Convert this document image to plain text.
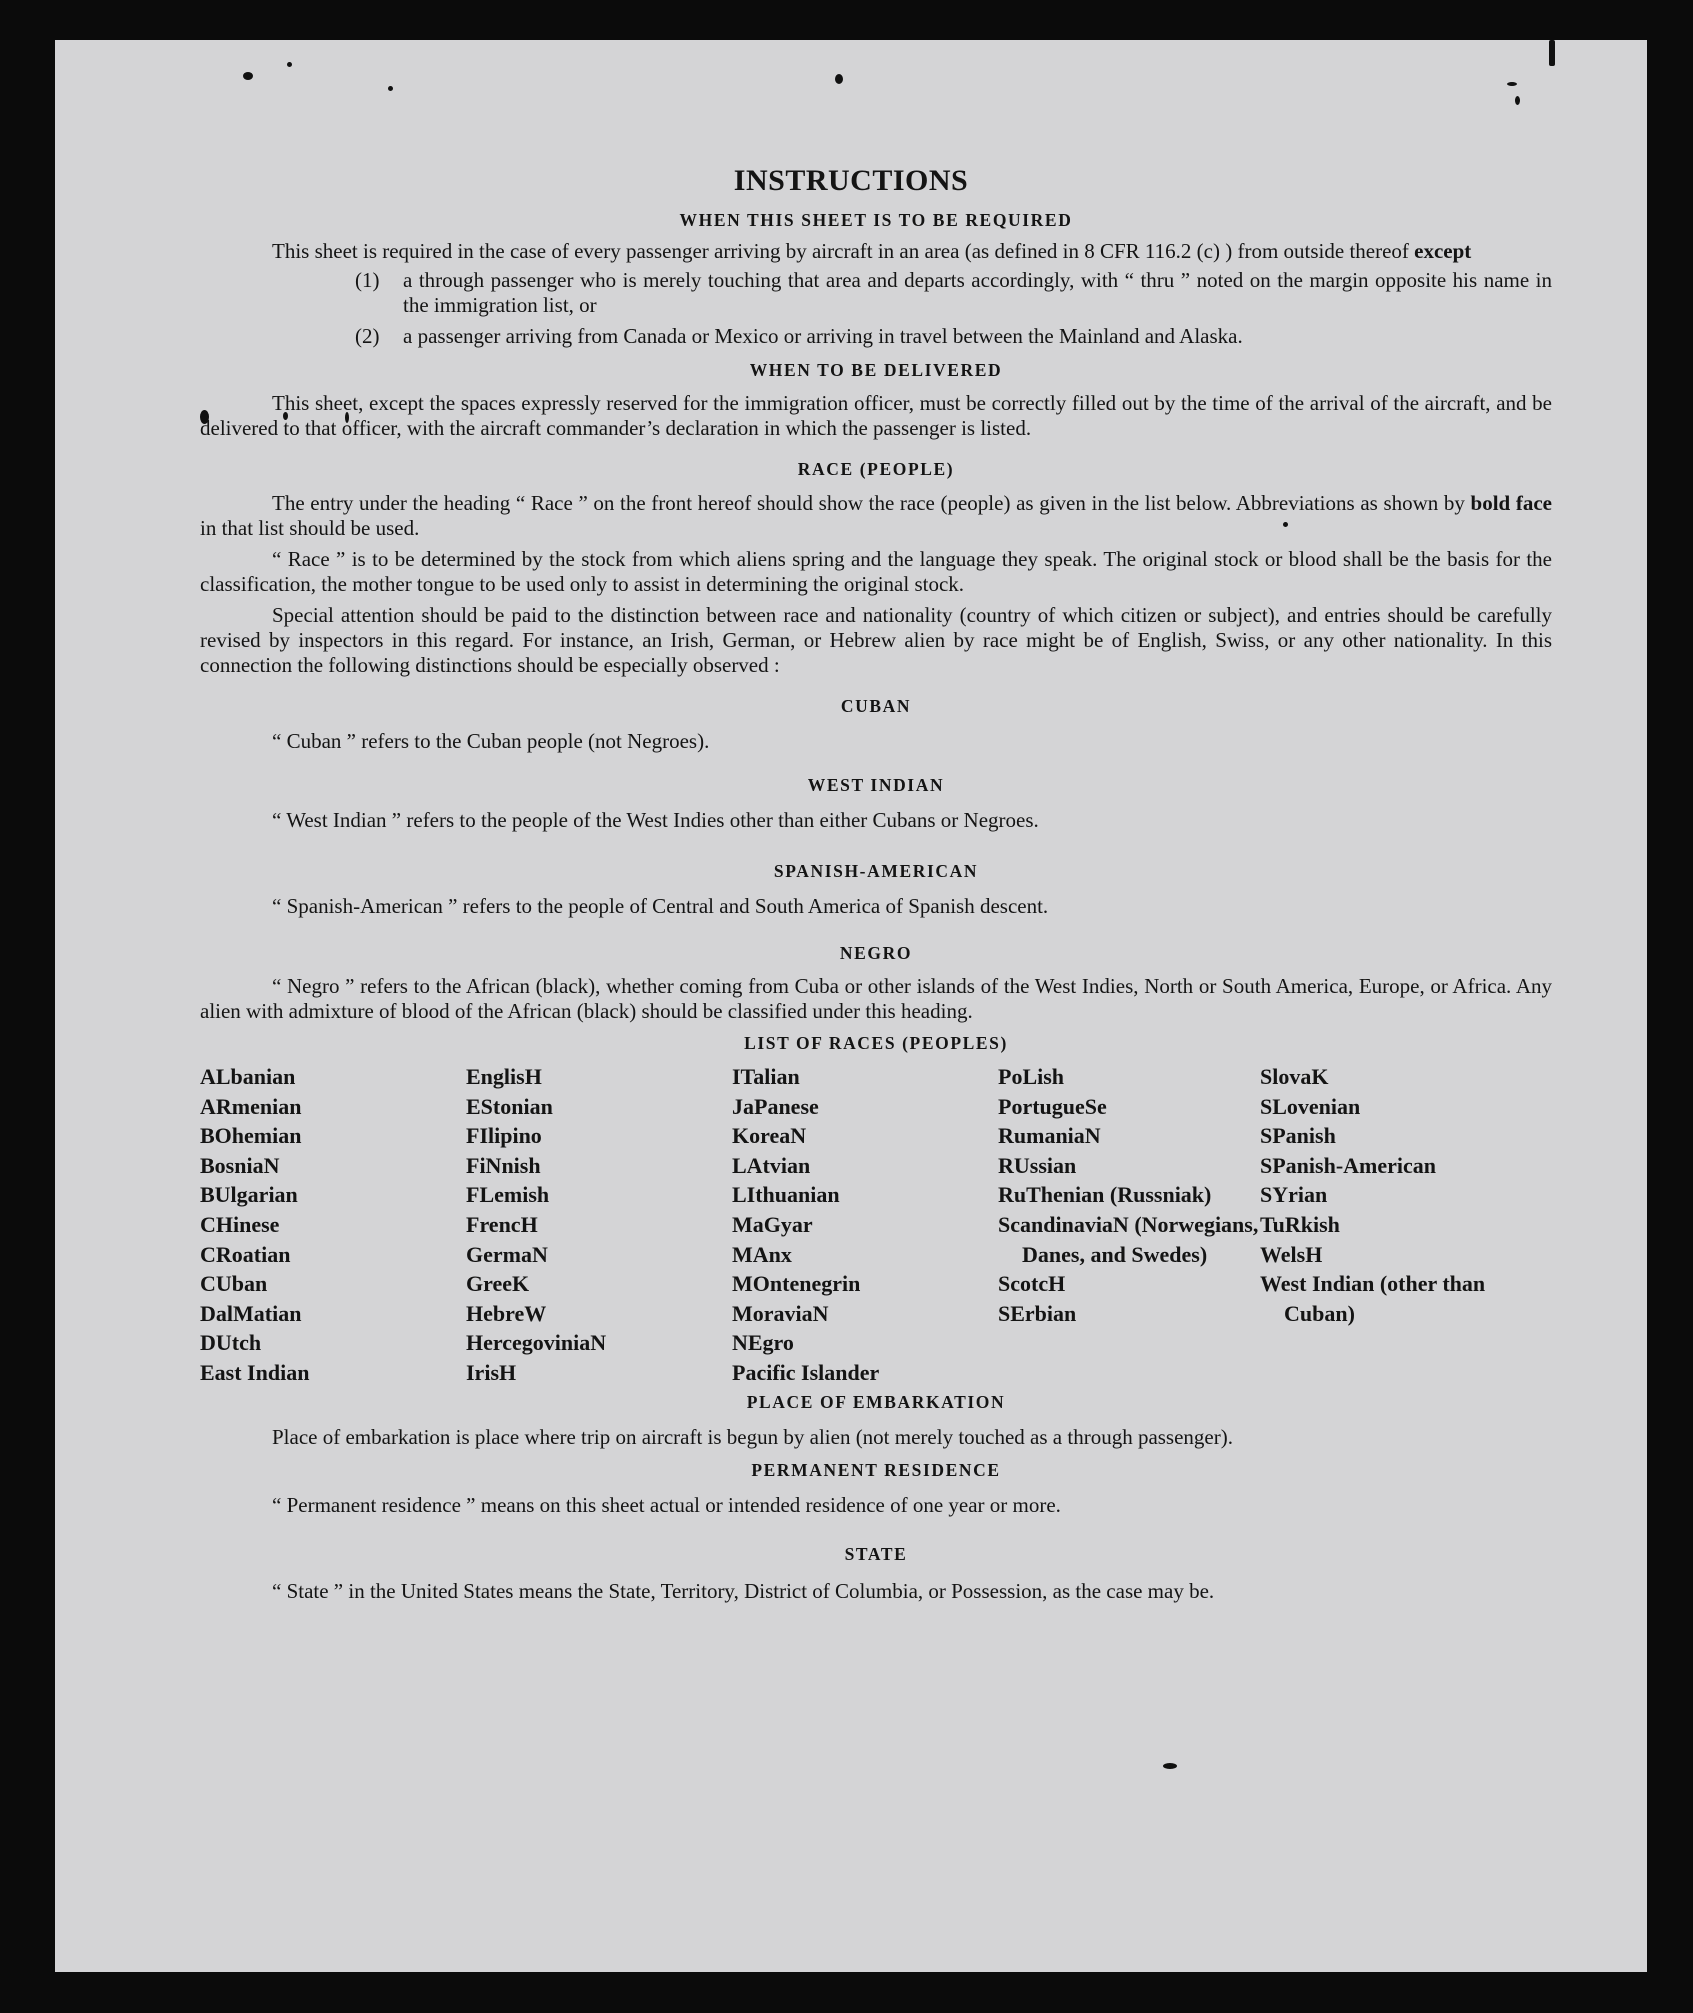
INSTRUCTIONS

WHEN THIS SHEET IS TO BE REQUIRED

This sheet is required in the case of every passenger arriving by aircraft in an area (as defined in 8 CFR 116.2 (c) ) from outside thereof except

(1)	a through passenger who is merely touching that area and departs accordingly, with “ thru ” noted on the margin opposite his name in the immigration list, or
(2)	a passenger arriving from Canada or Mexico or arriving in travel between the Mainland and Alaska.

WHEN TO BE DELIVERED

This sheet, except the spaces expressly reserved for the immigration officer, must be correctly filled out by the time of the arrival of the aircraft, and be delivered to that officer, with the aircraft commander’s declaration in which the passenger is listed.

RACE (PEOPLE)

The entry under the heading “ Race ” on the front hereof should show the race (people) as given in the list below. Abbreviations as shown by bold face in that list should be used.

“ Race ” is to be determined by the stock from which aliens spring and the language they speak. The original stock or blood shall be the basis for the classification, the mother tongue to be used only to assist in determining the original stock.

Special attention should be paid to the distinction between race and nationality (country of which citizen or subject), and entries should be carefully revised by inspectors in this regard. For instance, an Irish, German, or Hebrew alien by race might be of English, Swiss, or any other nationality. In this connection the following distinctions should be especially observed :

CUBAN

“ Cuban ” refers to the Cuban people (not Negroes).

WEST INDIAN

“ West Indian ” refers to the people of the West Indies other than either Cubans or Negroes.

SPANISH-AMERICAN

“ Spanish-American ” refers to the people of Central and South America of Spanish descent.

NEGRO

“ Negro ” refers to the African (black), whether coming from Cuba or other islands of the West Indies, North or South America, Europe, or Africa. Any alien with admixture of blood of the African (black) should be classified under this heading.

LIST OF RACES (PEOPLES)

ALbanian
ARmenian
BOhemian
BosniaN
BUlgarian
CHinese
CRoatian
CUban
DalMatian
DUtch
East Indian
EnglisH
EStonian
FIlipino
FiNnish
FLemish
FrencH
GermaN
GreeK
HebreW
HercegoviniaN
IrisH
ITalian
JaPanese
KoreaN
LAtvian
LIthuanian
MaGyar
MAnx
MOntenegrin
MoraviaN
NEgro
Pacific Islander
PoLish
PortugueSe
RumaniaN
RUssian
RuThenian (Russniak)
ScandinaviaN (Norwegians, Danes, and Swedes)
ScotcH
SErbian
SlovaK
SLovenian
SPanish
SPanish-American
SYrian
TuRkish
WelsH
West Indian (other than Cuban)

PLACE OF EMBARKATION

Place of embarkation is place where trip on aircraft is begun by alien (not merely touched as a through passenger).

PERMANENT RESIDENCE

“ Permanent residence ” means on this sheet actual or intended residence of one year or more.

STATE

“ State ” in the United States means the State, Territory, District of Columbia, or Possession, as the case may be.
